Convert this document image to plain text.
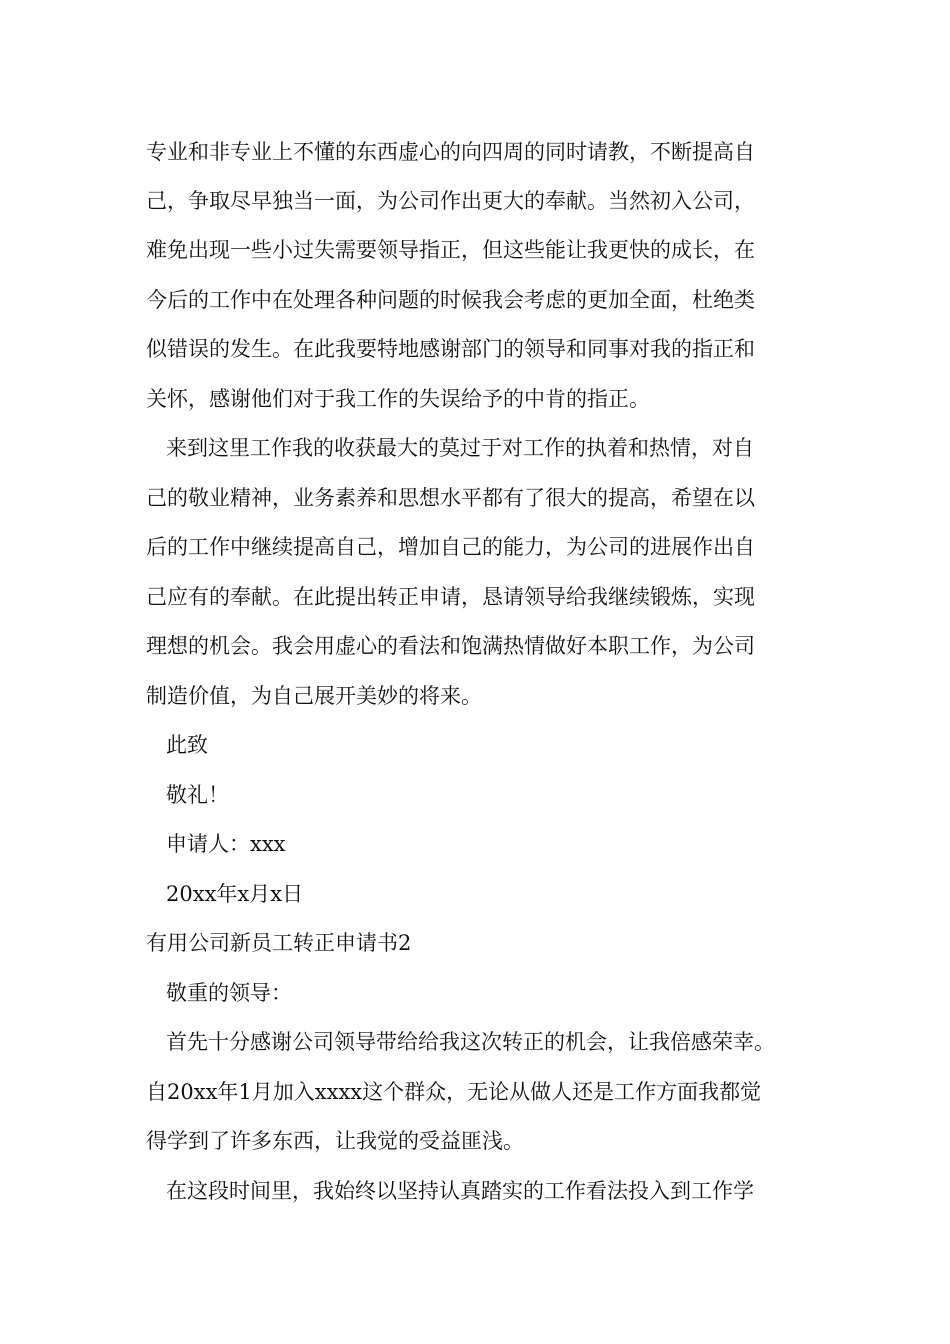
专业和非专业上不懂的东西虚心的向四周的同时请教，不断提高自
己，争取尽早独当一面，为公司作出更大的奉献。当然初入公司，
难免出现一些小过失需要领导指正，但这些能让我更快的成长，在
今后的工作中在处理各种问题的时候我会考虑的更加全面，杜绝类
似错误的发生。在此我要特地感谢部门的领导和同事对我的指正和
关怀，感谢他们对于我工作的失误给予的中肯的指正。
来到这里工作我的收获最大的莫过于对工作的执着和热情，对自
己的敬业精神，业务素养和思想水平都有了很大的提高，希望在以
后的工作中继续提高自己，增加自己的能力，为公司的进展作出自
己应有的奉献。在此提出转正申请，恳请领导给我继续锻炼，实现
理想的机会。我会用虚心的看法和饱满热情做好本职工作，为公司
制造价值，为自己展开美妙的将来。
此致
敬礼！
申请人：xxx
20xx年x月x日
有用公司新员工转正申请书2
敬重的领导：
首先十分感谢公司领导带给给我这次转正的机会，让我倍感荣幸。
自20xx年1月加入xxxx这个群众，无论从做人还是工作方面我都觉
得学到了许多东西，让我觉的受益匪浅。
在这段时间里，我始终以坚持认真踏实的工作看法投入到工作学
